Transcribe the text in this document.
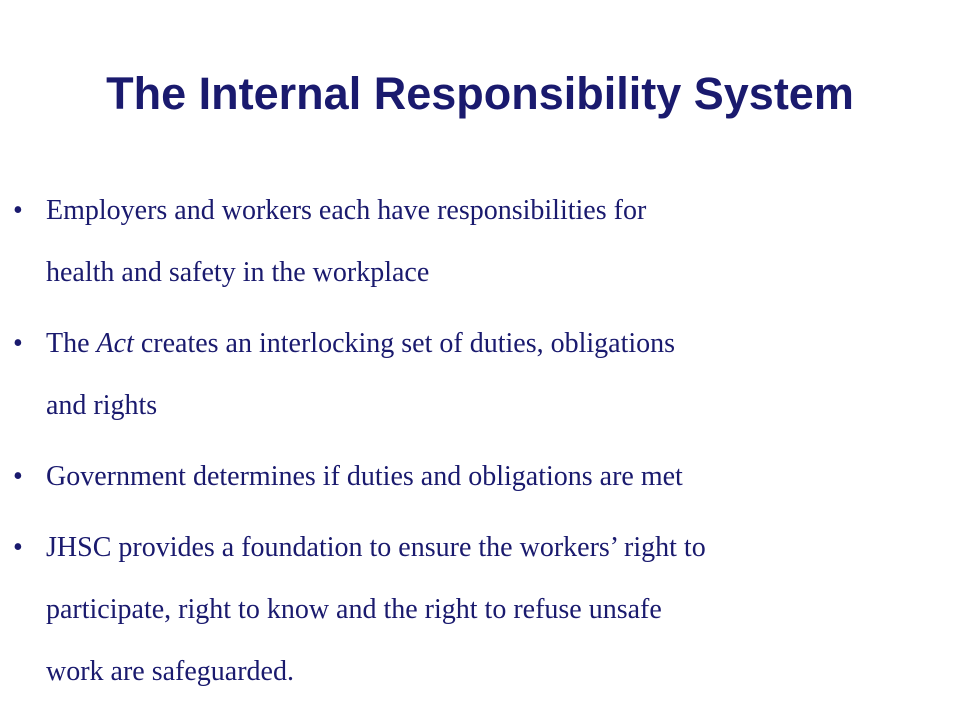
The Internal Responsibility System
• Employers and workers each have responsibilities for
health and safety in the workplace
• The Act creates an interlocking set of duties, obligations
and rights
• Government determines if duties and obligations are met
• JHSC provides a foundation to ensure the workers’ right to
participate, right to know and the right to refuse unsafe
work are safeguarded.
